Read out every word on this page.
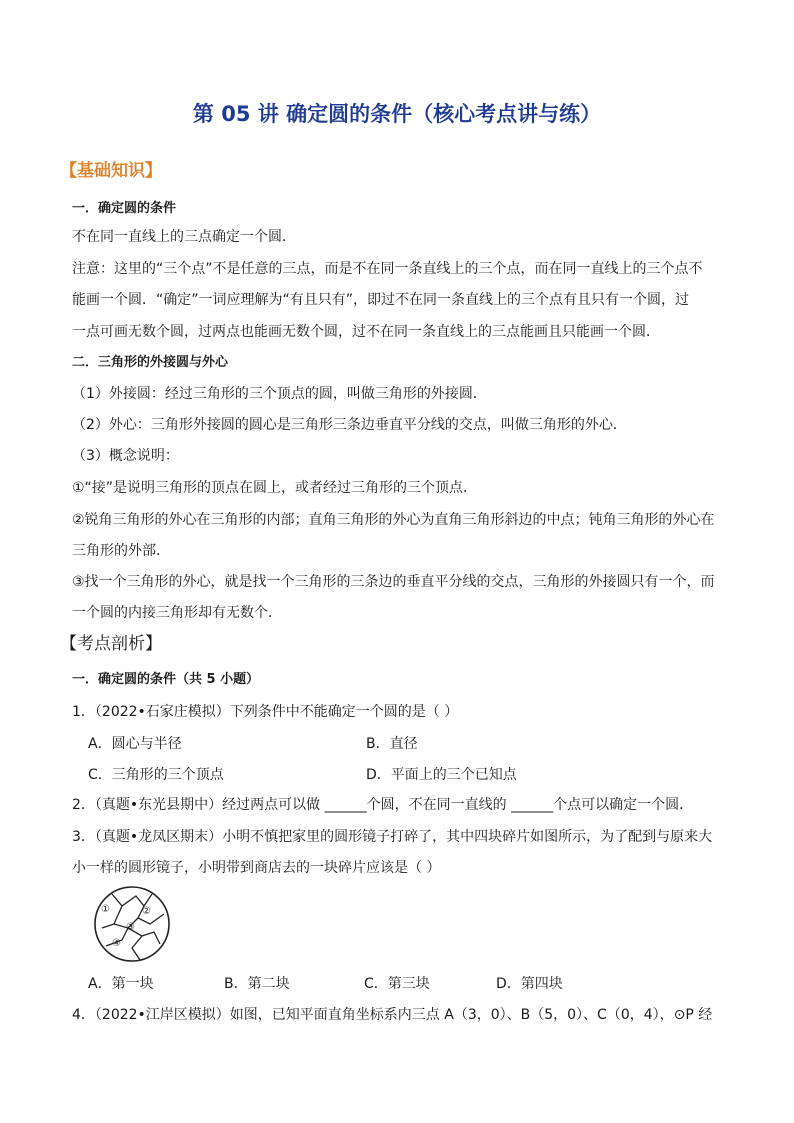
第 05 讲 确定圆的条件（核心考点讲与练）
【基础知识】
一．确定圆的条件
不在同一直线上的三点确定一个圆．
注意：这里的“三个点”不是任意的三点，而是不在同一条直线上的三个点，而在同一直线上的三个点不
能画一个圆．“确定”一词应理解为“有且只有”，即过不在同一条直线上的三个点有且只有一个圆，过
一点可画无数个圆，过两点也能画无数个圆，过不在同一条直线上的三点能画且只能画一个圆．
二．三角形的外接圆与外心
（1）外接圆：经过三角形的三个顶点的圆，叫做三角形的外接圆．
（2）外心：三角形外接圆的圆心是三角形三条边垂直平分线的交点，叫做三角形的外心．
（3）概念说明：
①“接”是说明三角形的顶点在圆上，或者经过三角形的三个顶点．
②锐角三角形的外心在三角形的内部；直角三角形的外心为直角三角形斜边的中点；钝角三角形的外心在
三角形的外部．
③找一个三角形的外心，就是找一个三角形的三条边的垂直平分线的交点，三角形的外接圆只有一个，而
一个圆的内接三角形却有无数个．
【考点剖析】
一．确定圆的条件（共 5 小题）
1．（2022•石家庄模拟）下列条件中不能确定一个圆的是（ ）
A．圆心与半径	B．直径
C．三角形的三个顶点	D．平面上的三个已知点
2．（真题•东光县期中）经过两点可以做 ______个圆，不在同一直线的 ______个点可以确定一个圆．
3．（真题•龙凤区期末）小明不慎把家里的圆形镜子打碎了，其中四块碎片如图所示，为了配到与原来大
小一样的圆形镜子，小明带到商店去的一块碎片应该是（ ）
①	②
③
④
A．第一块	B．第二块	C．第三块	D．第四块
4．（2022•江岸区模拟）如图，已知平面直角坐标系内三点 A（3，0）、B（5，0）、C（0，4），⊙P 经
